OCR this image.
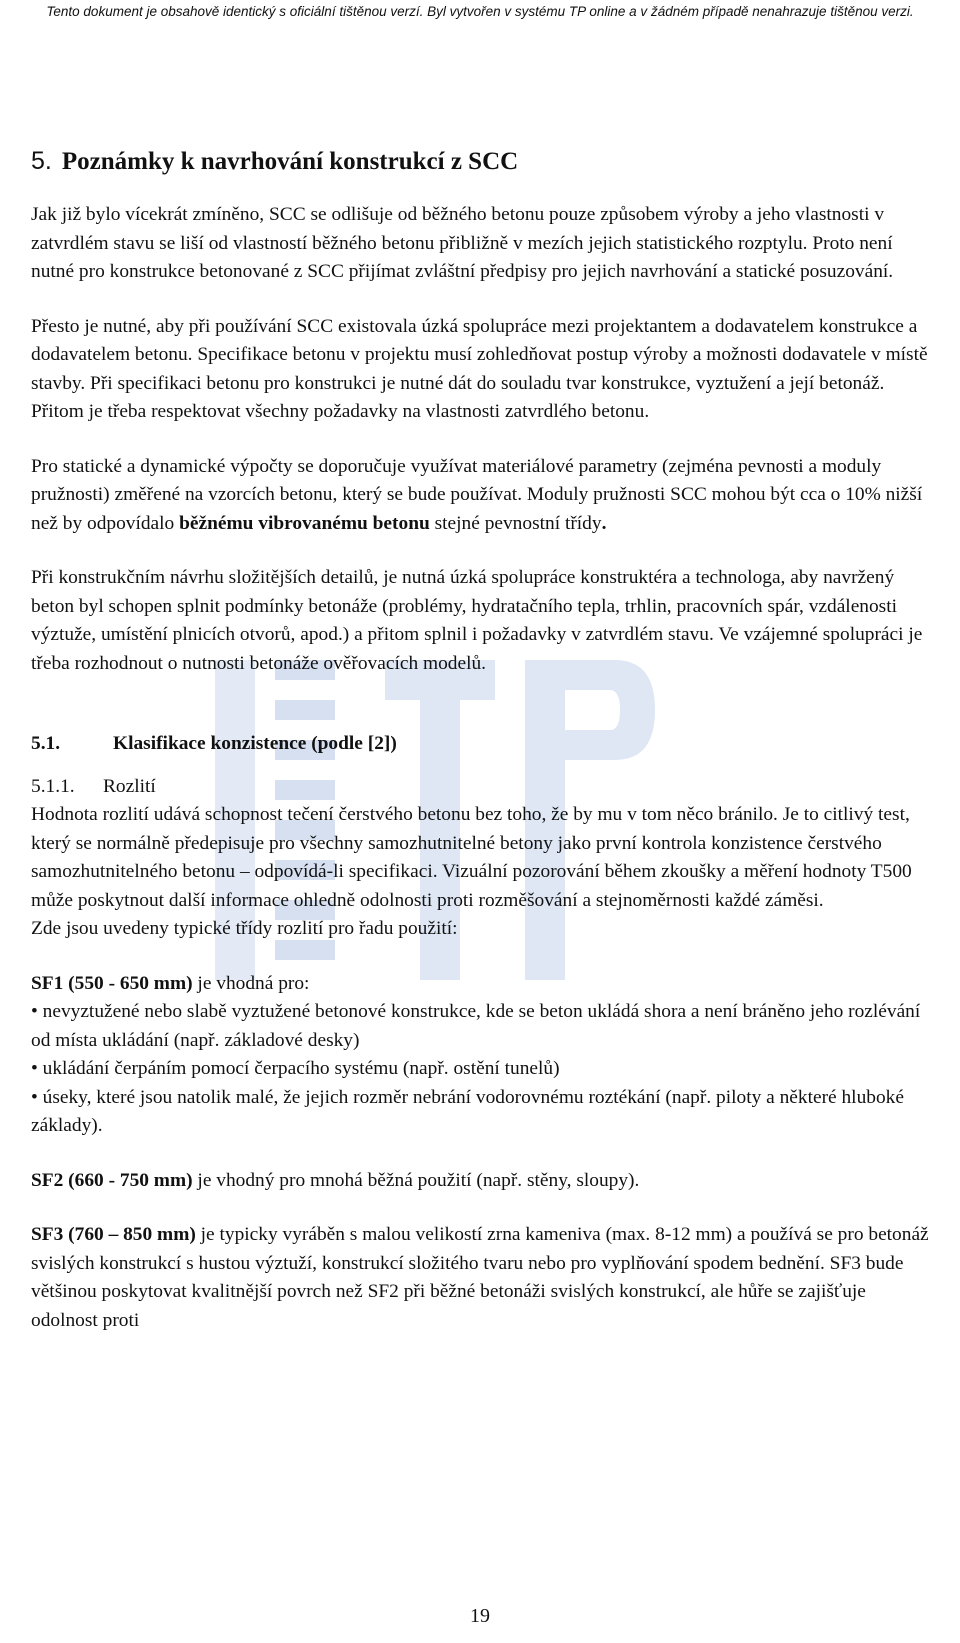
Tento dokument je obsahově identický s oficiální tištěnou verzí. Byl vytvořen v systému TP online a v žádném případě nenahrazuje tištěnou verzi.
5. Poznámky k navrhování konstrukcí z SCC

Jak již bylo vícekrát zmíněno, SCC se odlišuje od běžného betonu pouze způsobem výroby a jeho vlastnosti v zatvrdlém stavu se liší od vlastností běžného betonu přibližně v mezích jejich statistického rozptylu. Proto není nutné pro konstrukce betonované z SCC přijímat zvláštní předpisy pro jejich navrhování a statické posuzování.

Přesto je nutné, aby při používání SCC existovala úzká spolupráce mezi projektantem a dodavatelem konstrukce a dodavatelem betonu. Specifikace betonu v projektu musí zohledňovat postup výroby a možnosti dodavatele v místě stavby. Při specifikaci betonu pro konstrukci je nutné dát do souladu tvar konstrukce, vyztužení a její betonáž. Přitom je třeba respektovat všechny požadavky na vlastnosti zatvrdlého betonu.

Pro statické a dynamické výpočty se doporučuje využívat materiálové parametry (zejména pevnosti a moduly pružnosti) změřené na vzorcích betonu, který se bude používat. Moduly pružnosti SCC mohou být cca o 10% nižší než by odpovídalo běžnému vibrovanému betonu stejné pevnostní třídy.

Při konstrukčním návrhu složitějších detailů, je nutná úzká spolupráce konstruktéra a technologa, aby navržený beton byl schopen splnit podmínky betonáže (problémy, hydratačního tepla, trhlin, pracovních spár, vzdálenosti výztuže, umístění plnicích otvorů, apod.) a přitom splnil i požadavky v zatvrdlém stavu. Ve vzájemné spolupráci je třeba rozhodnout o nutnosti betonáže ověřovacích modelů.

5.1.	Klasifikace konzistence (podle [2])
5.1.1. Rozlití

Hodnota rozlití udává schopnost tečení čerstvého betonu bez toho, že by mu v tom něco bránilo. Je to citlivý test, který se normálně předepisuje pro všechny samozhutnitelné betony jako první kontrola konzistence čerstvého samozhutnitelného betonu – odpovídá-li specifikaci. Vizuální pozorování během zkoušky a měření hodnoty T500 může poskytnout další informace ohledně odolnosti proti rozměšování a stejnoměrnosti každé záměsi.

Zde jsou uvedeny typické třídy rozlití pro řadu použití:

SF1 (550 - 650 mm) je vhodná pro:

• nevyztužené nebo slabě vyztužené betonové konstrukce, kde se beton ukládá shora a není bráněno jeho rozlévání od místa ukládání (např. základové desky)

• ukládání čerpáním pomocí čerpacího systému (např. ostění tunelů)

• úseky, které jsou natolik malé, že jejich rozměr nebrání vodorovnému roztékání (např. piloty a některé hluboké základy).

SF2 (660 - 750 mm) je vhodný pro mnohá běžná použití (např. stěny, sloupy).

SF3 (760 – 850 mm) je typicky vyráběn s malou velikostí zrna kameniva (max. 8-12 mm) a používá se pro betonáž svislých konstrukcí s hustou výztuží, konstrukcí složitého tvaru nebo pro vyplňování spodem bednění. SF3 bude většinou poskytovat kvalitnější povrch než SF2 při běžné betonáži svislých konstrukcí, ale hůře se zajišťuje odolnost proti

19
